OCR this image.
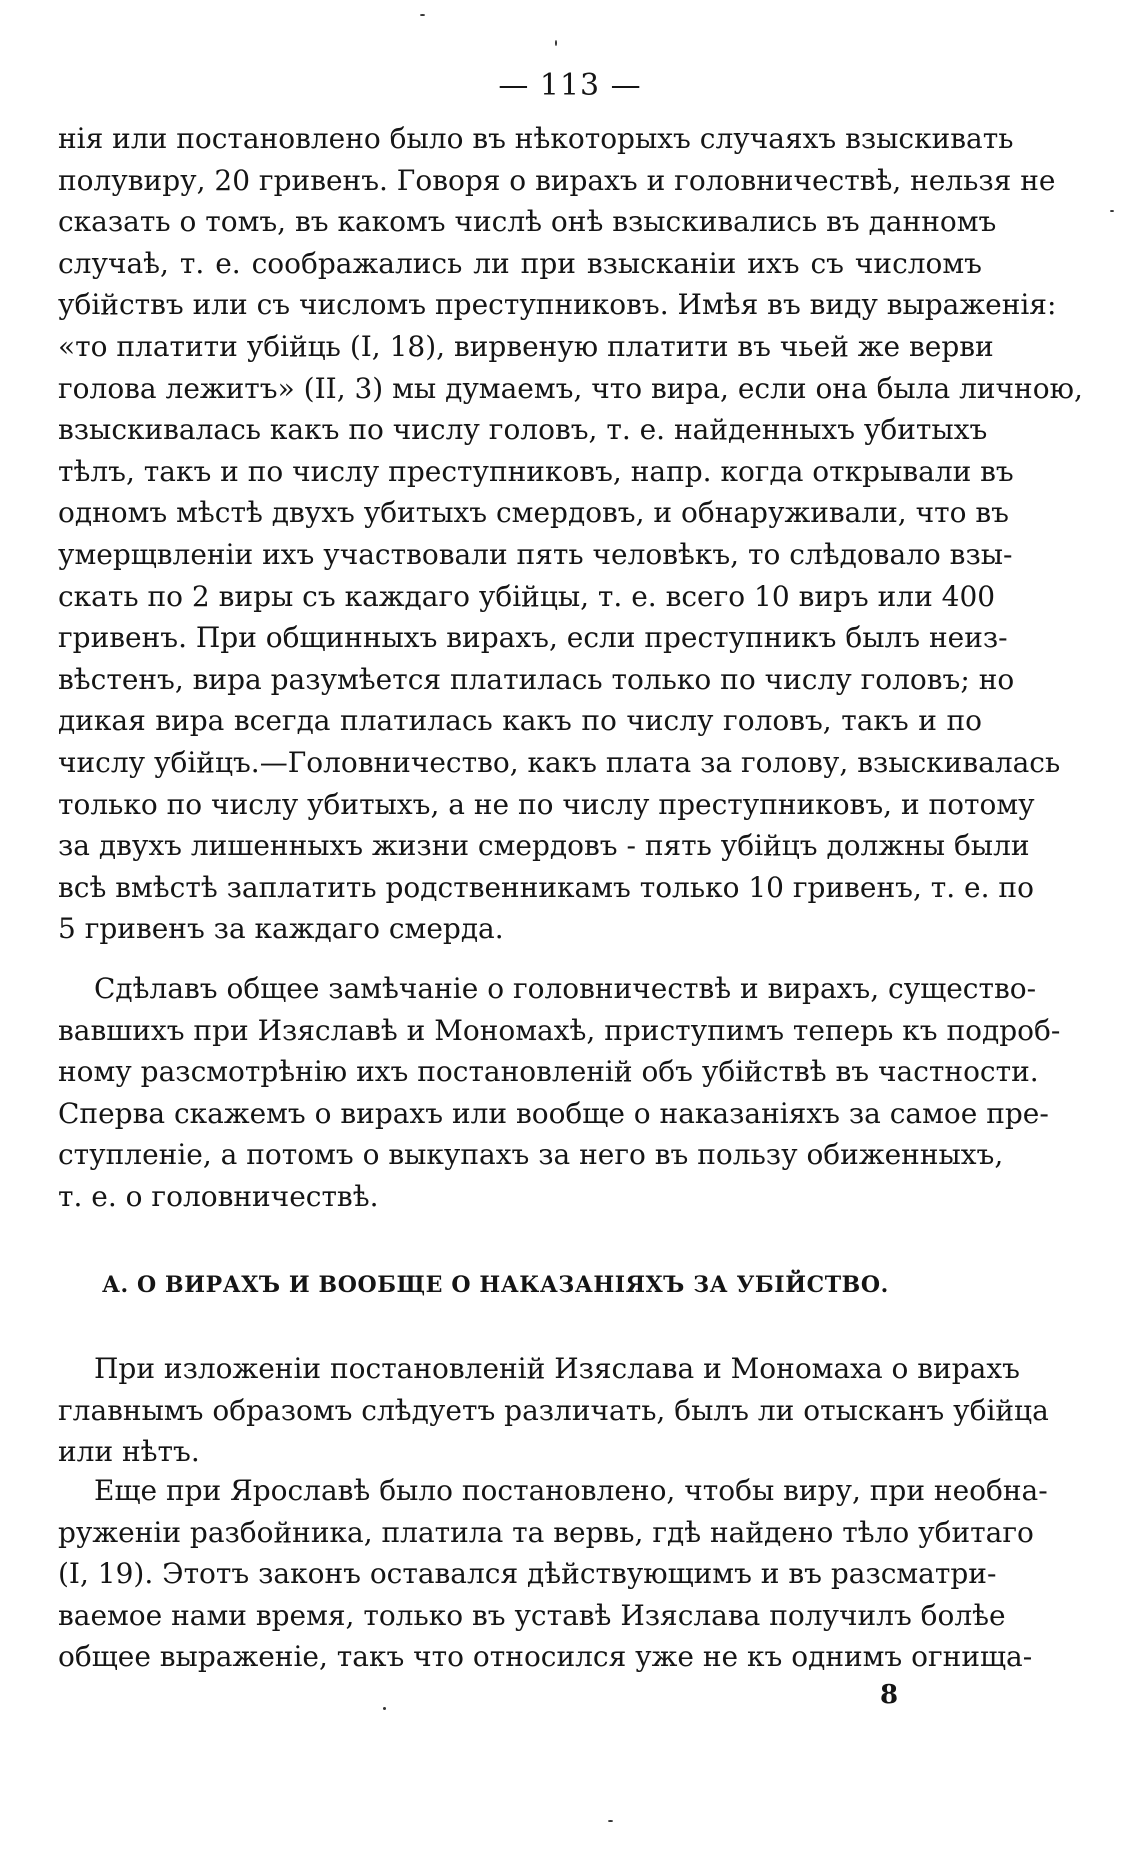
— 113 —
нія или постановлено было въ нѣкоторыхъ случаяхъ взыскивать
полувиру, 20 гривенъ. Говоря о вирахъ и головничествѣ, нельзя не
сказать о томъ, въ какомъ числѣ онѣ взыскивались въ данномъ
случаѣ, т. е. соображались ли при взысканіи ихъ съ числомъ
убійствъ или съ числомъ преступниковъ. Имѣя въ виду выраженія:
«то платити убійць (I, 18), вирвеную платити въ чьей же верви
голова лежитъ» (II, 3) мы думаемъ, что вира, если она была личною,
взыскивалась какъ по числу головъ, т. е. найденныхъ убитыхъ
тѣлъ, такъ и по числу преступниковъ, напр. когда открывали въ
одномъ мѣстѣ двухъ убитыхъ смердовъ, и обнаруживали, что въ
умерщвленіи ихъ участвовали пять человѣкъ, то слѣдовало взы-
скать по 2 виры съ каждаго убійцы, т. е. всего 10 виръ или 400
гривенъ. При общинныхъ вирахъ, если преступникъ былъ неиз-
вѣстенъ, вира разумѣется платилась только по числу головъ; но
дикая вира всегда платилась какъ по числу головъ, такъ и по
числу убійцъ.—Головничество, какъ плата за голову, взыскивалась
только по числу убитыхъ, а не по числу преступниковъ, и потому
за двухъ лишенныхъ жизни смердовъ - пять убійцъ должны были
всѣ вмѣстѣ заплатить родственникамъ только 10 гривенъ, т. е. по
5 гривенъ за каждаго смерда.
Сдѣлавъ общее замѣчаніе о головничествѣ и вирахъ, существо-
вавшихъ при Изяславѣ и Мономахѣ, приступимъ теперь къ подроб-
ному разсмотрѣнію ихъ постановленій объ убійствѣ въ частности.
Сперва скажемъ о вирахъ или вообще о наказаніяхъ за самое пре-
ступленіе, а потомъ о выкупахъ за него въ пользу обиженныхъ,
т. е. о головничествѣ.
А. О ВИРАХЪ И ВООБЩЕ О НАКАЗАНІЯХЪ ЗА УБІЙСТВО.
При изложеніи постановленій Изяслава и Мономаха о вирахъ
главнымъ образомъ слѣдуетъ различать, былъ ли отысканъ убійца
или нѣтъ.
Еще при Ярославѣ было постановлено, чтобы виру, при необна-
руженіи разбойника, платила та вервь, гдѣ найдено тѣло убитаго
(I, 19). Этотъ законъ оставался дѣйствующимъ и въ разсматри-
ваемое нами время, только въ уставѣ Изяслава получилъ болѣе
общее выраженіе, такъ что относился уже не къ однимъ огнища-
8
